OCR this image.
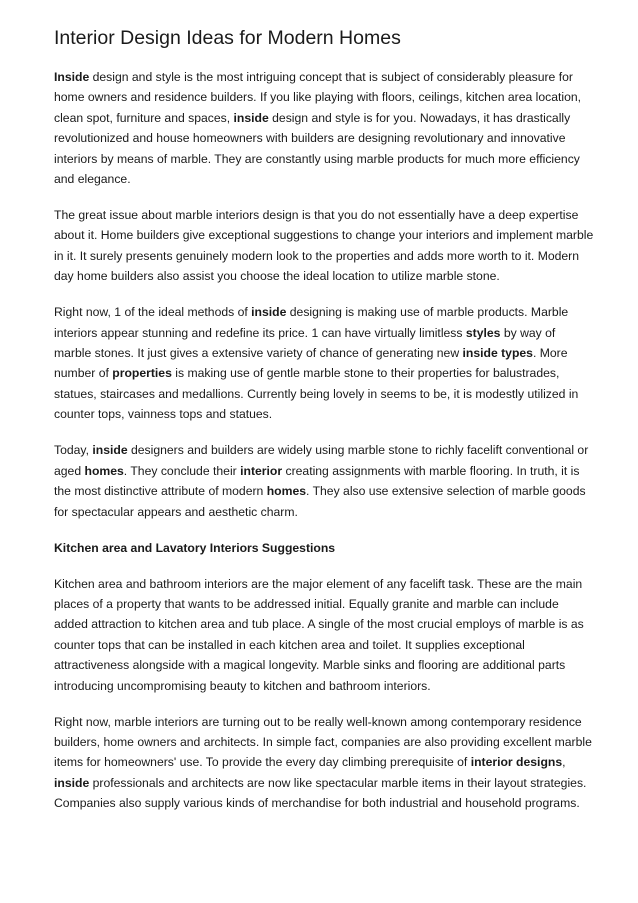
Interior Design Ideas for Modern Homes

Inside design and style is the most intriguing concept that is subject of considerably pleasure for home owners and residence builders. If you like playing with floors, ceilings, kitchen area location, clean spot, furniture and spaces, inside design and style is for you. Nowadays, it has drastically revolutionized and house homeowners with builders are designing revolutionary and innovative interiors by means of marble. They are constantly using marble products for much more efficiency and elegance.

The great issue about marble interiors design is that you do not essentially have a deep expertise about it. Home builders give exceptional suggestions to change your interiors and implement marble in it. It surely presents genuinely modern look to the properties and adds more worth to it. Modern day home builders also assist you choose the ideal location to utilize marble stone.

Right now, 1 of the ideal methods of inside designing is making use of marble products. Marble interiors appear stunning and redefine its price. 1 can have virtually limitless styles by way of marble stones. It just gives a extensive variety of chance of generating new inside types. More number of properties is making use of gentle marble stone to their properties for balustrades, statues, staircases and medallions. Currently being lovely in seems to be, it is modestly utilized in counter tops, vainness tops and statues.

Today, inside designers and builders are widely using marble stone to richly facelift conventional or aged homes. They conclude their interior creating assignments with marble flooring. In truth, it is the most distinctive attribute of modern homes. They also use extensive selection of marble goods for spectacular appears and aesthetic charm.

Kitchen area and Lavatory Interiors Suggestions

Kitchen area and bathroom interiors are the major element of any facelift task. These are the main places of a property that wants to be addressed initial. Equally granite and marble can include added attraction to kitchen area and tub place. A single of the most crucial employs of marble is as counter tops that can be installed in each kitchen area and toilet. It supplies exceptional attractiveness alongside with a magical longevity. Marble sinks and flooring are additional parts introducing uncompromising beauty to kitchen and bathroom interiors.

Right now, marble interiors are turning out to be really well-known among contemporary residence builders, home owners and architects. In simple fact, companies are also providing excellent marble items for homeowners' use. To provide the every day climbing prerequisite of interior designs, inside professionals and architects are now like spectacular marble items in their layout strategies. Companies also supply various kinds of merchandise for both industrial and household programs.
